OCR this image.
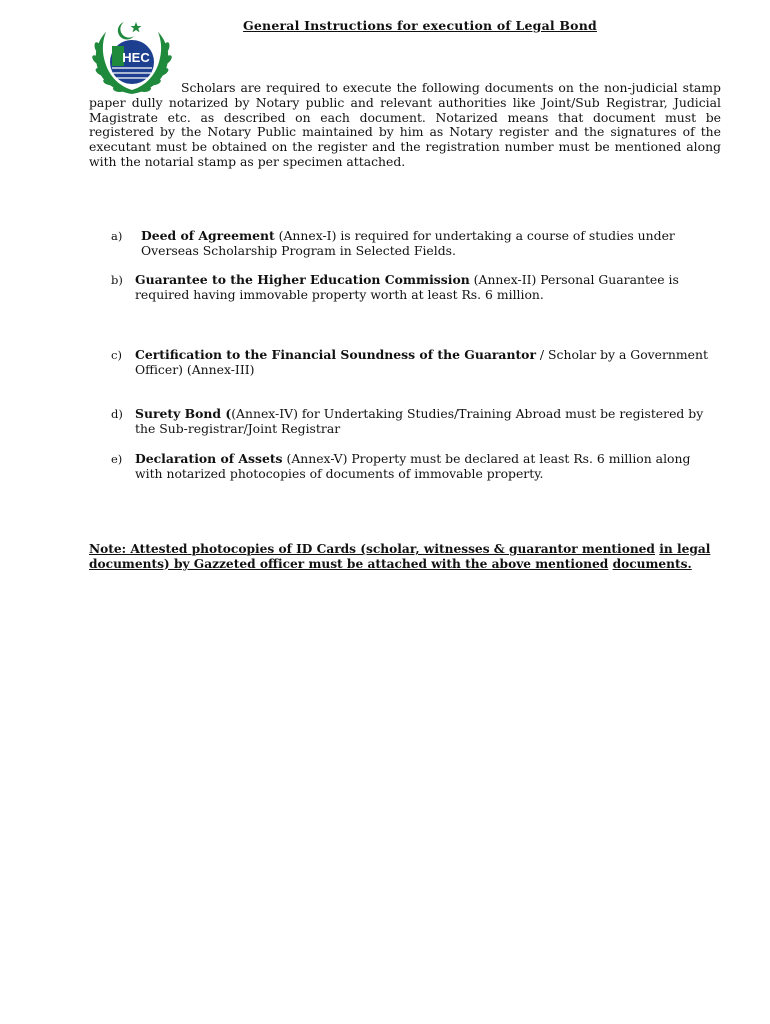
HEC
General Instructions for execution of Legal Bond

Scholars are required to execute the following documents on the non-judicial stamp paper dully notarized by Notary public and relevant authorities like Joint/Sub Registrar, Judicial Magistrate etc. as described on each document. Notarized means that document must be registered by the Notary Public maintained by him as Notary register and the signatures of the executant must be obtained on the register and the registration number must be mentioned along with the notarial stamp as per specimen attached.

a)	Deed of Agreement (Annex-I) is required for undertaking a course of studies under Overseas Scholarship Program in Selected Fields.
b) Guarantee to the Higher Education Commission (Annex-II) Personal Guarantee is required having immovable property worth at least Rs. 6 million.
c)	Certification to the Financial Soundness of the Guarantor / Scholar by a Government Officer) (Annex-III)
d) Surety Bond ((Annex-IV) for Undertaking Studies/Training Abroad must be registered by the Sub-registrar/Joint Registrar
e)	Declaration of Assets (Annex-V) Property must be declared at least Rs. 6 million along with notarized photocopies of documents of immovable property.

Note: Attested photocopies of ID Cards (scholar, witnesses & guarantor mentioned in legal documents) by Gazzeted officer must be attached with the above mentioned documents.
